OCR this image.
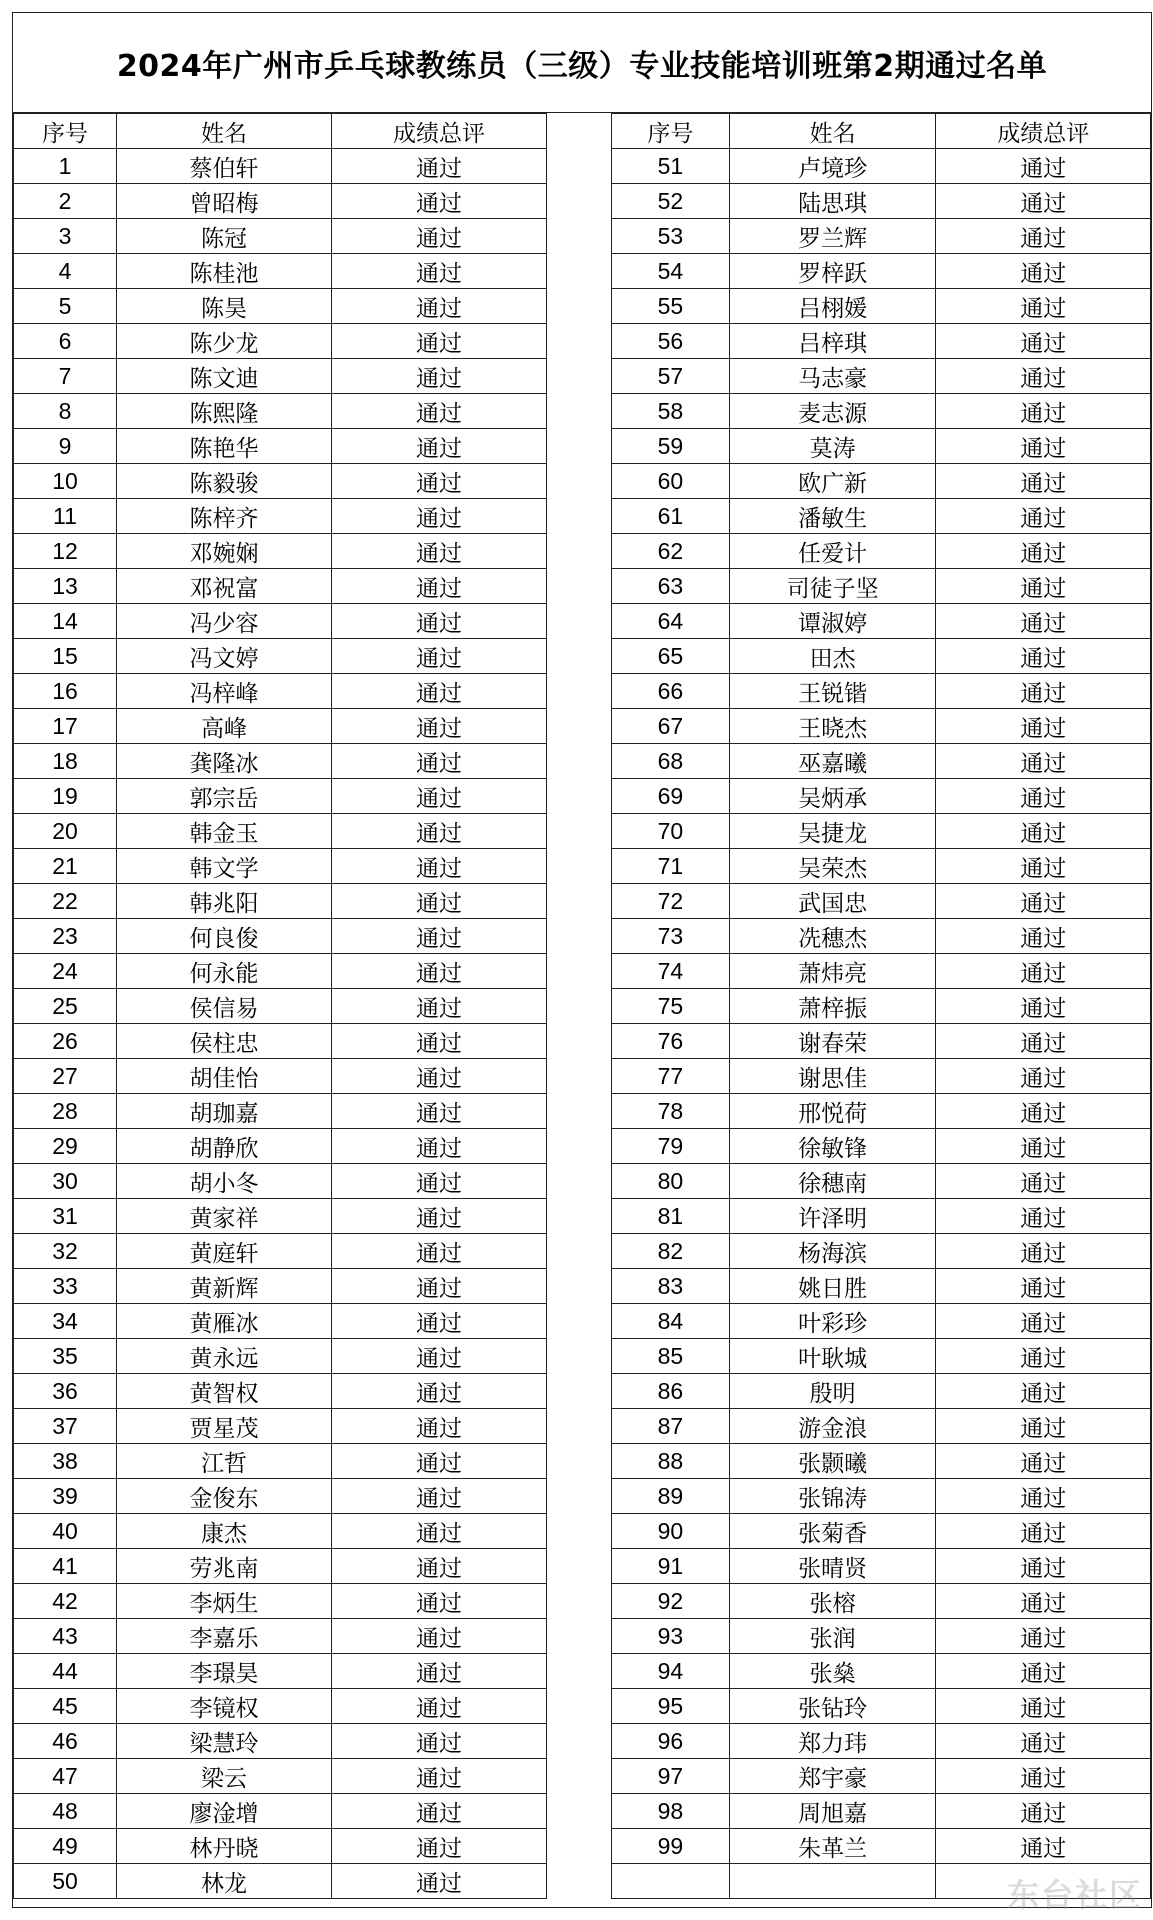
2024年广州市乒乓球教练员（三级）专业技能培训班第2期通过名单
序号	姓名	成绩总评
1	蔡伯轩	通过
2	曾昭梅	通过
3	陈冠	通过
4	陈桂池	通过
5	陈昊	通过
6	陈少龙	通过
7	陈文迪	通过
8	陈熙隆	通过
9	陈艳华	通过
10	陈毅骏	通过
11	陈梓齐	通过
12	邓婉娴	通过
13	邓祝富	通过
14	冯少容	通过
15	冯文婷	通过
16	冯梓峰	通过
17	高峰	通过
18	龚隆冰	通过
19	郭宗岳	通过
20	韩金玉	通过
21	韩文学	通过
22	韩兆阳	通过
23	何良俊	通过
24	何永能	通过
25	侯信易	通过
26	侯柱忠	通过
27	胡佳怡	通过
28	胡珈嘉	通过
29	胡静欣	通过
30	胡小冬	通过
31	黄家祥	通过
32	黄庭轩	通过
33	黄新辉	通过
34	黄雁冰	通过
35	黄永远	通过
36	黄智权	通过
37	贾星茂	通过
38	江哲	通过
39	金俊东	通过
40	康杰	通过
41	劳兆南	通过
42	李炳生	通过
43	李嘉乐	通过
44	李璟昊	通过
45	李镜权	通过
46	梁慧玲	通过
47	梁云	通过
48	廖淦增	通过
49	林丹晓	通过
50	林龙	通过
序号	姓名	成绩总评
51	卢境珍	通过
52	陆思琪	通过
53	罗兰辉	通过
54	罗梓跃	通过
55	吕栩媛	通过
56	吕梓琪	通过
57	马志豪	通过
58	麦志源	通过
59	莫涛	通过
60	欧广新	通过
61	潘敏生	通过
62	任爱计	通过
63	司徒子坚	通过
64	谭淑婷	通过
65	田杰	通过
66	王锐锴	通过
67	王晓杰	通过
68	巫嘉曦	通过
69	吴炳承	通过
70	吴捷龙	通过
71	吴荣杰	通过
72	武国忠	通过
73	冼穗杰	通过
74	萧炜亮	通过
75	萧梓振	通过
76	谢春荣	通过
77	谢思佳	通过
78	邢悦荷	通过
79	徐敏锋	通过
80	徐穗南	通过
81	许泽明	通过
82	杨海滨	通过
83	姚日胜	通过
84	叶彩珍	通过
85	叶耿城	通过
86	殷明	通过
87	游金浪	通过
88	张颢曦	通过
89	张锦涛	通过
90	张菊香	通过
91	张晴贤	通过
92	张榕	通过
93	张润	通过
94	张燊	通过
95	张钻玲	通过
96	郑力玮	通过
97	郑宇豪	通过
98	周旭嘉	通过
99	朱革兰	通过

东台社区
